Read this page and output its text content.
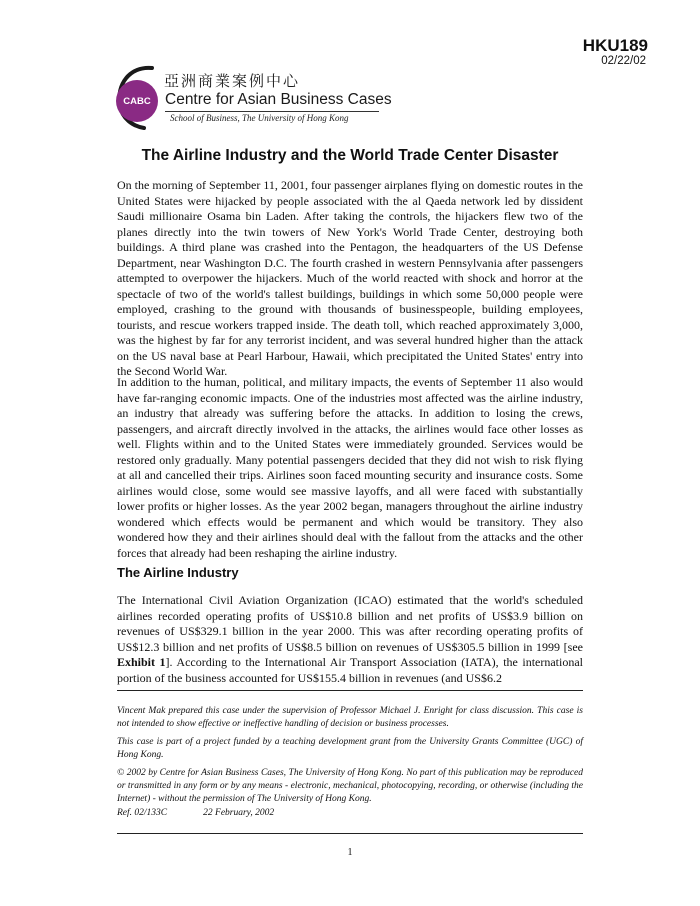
HKU189
02/22/02
CABC
亞洲商業案例中心
Centre for Asian Business Cases
School of Business, The University of Hong Kong
The Airline Industry and the World Trade Center Disaster

On the morning of September 11, 2001, four passenger airplanes flying on domestic routes in the United States were hijacked by people associated with the al Qaeda network led by dissident Saudi millionaire Osama bin Laden. After taking the controls, the hijackers flew two of the planes directly into the twin towers of New York's World Trade Center, destroying both buildings. A third plane was crashed into the Pentagon, the headquarters of the US Defense Department, near Washington D.C. The fourth crashed in western Pennsylvania after passengers attempted to overpower the hijackers. Much of the world reacted with shock and horror at the spectacle of two of the world's tallest buildings, buildings in which some 50,000 people were employed, crashing to the ground with thousands of businesspeople, building employees, tourists, and rescue workers trapped inside. The death toll, which reached approximately 3,000, was the highest by far for any terrorist incident, and was several hundred higher than the attack on the US naval base at Pearl Harbour, Hawaii, which precipitated the United States' entry into the Second World War.

In addition to the human, political, and military impacts, the events of September 11 also would have far-ranging economic impacts. One of the industries most affected was the airline industry, an industry that already was suffering before the attacks. In addition to losing the crews, passengers, and aircraft directly involved in the attacks, the airlines would face other losses as well. Flights within and to the United States were immediately grounded. Services would be restored only gradually. Many potential passengers decided that they did not wish to risk flying at all and cancelled their trips. Airlines soon faced mounting security and insurance costs. Some airlines would close, some would see massive layoffs, and all were faced with substantially lower profits or higher losses. As the year 2002 began, managers throughout the airline industry wondered which effects would be permanent and which would be transitory. They also wondered how they and their airlines should deal with the fallout from the attacks and the other forces that already had been reshaping the airline industry.

The Airline Industry

The International Civil Aviation Organization (ICAO) estimated that the world's scheduled airlines recorded operating profits of US$10.8 billion and net profits of US$3.9 billion on revenues of US$329.1 billion in the year 2000. This was after recording operating profits of US$12.3 billion and net profits of US$8.5 billion on revenues of US$305.5 billion in 1999 [see Exhibit 1]. According to the International Air Transport Association (IATA), the international portion of the business accounted for US$155.4 billion in revenues (and US$6.2

Vincent Mak prepared this case under the supervision of Professor Michael J. Enright for class discussion. This case is not intended to show effective or ineffective handling of decision or business processes.

This case is part of a project funded by a teaching development grant from the University Grants Committee (UGC) of Hong Kong.

© 2002 by Centre for Asian Business Cases, The University of Hong Kong. No part of this publication may be reproduced or transmitted in any form or by any means - electronic, mechanical, photocopying, recording, or otherwise (including the Internet) - without the permission of The University of Hong Kong.

Ref. 02/133C	22 February, 2002
1
